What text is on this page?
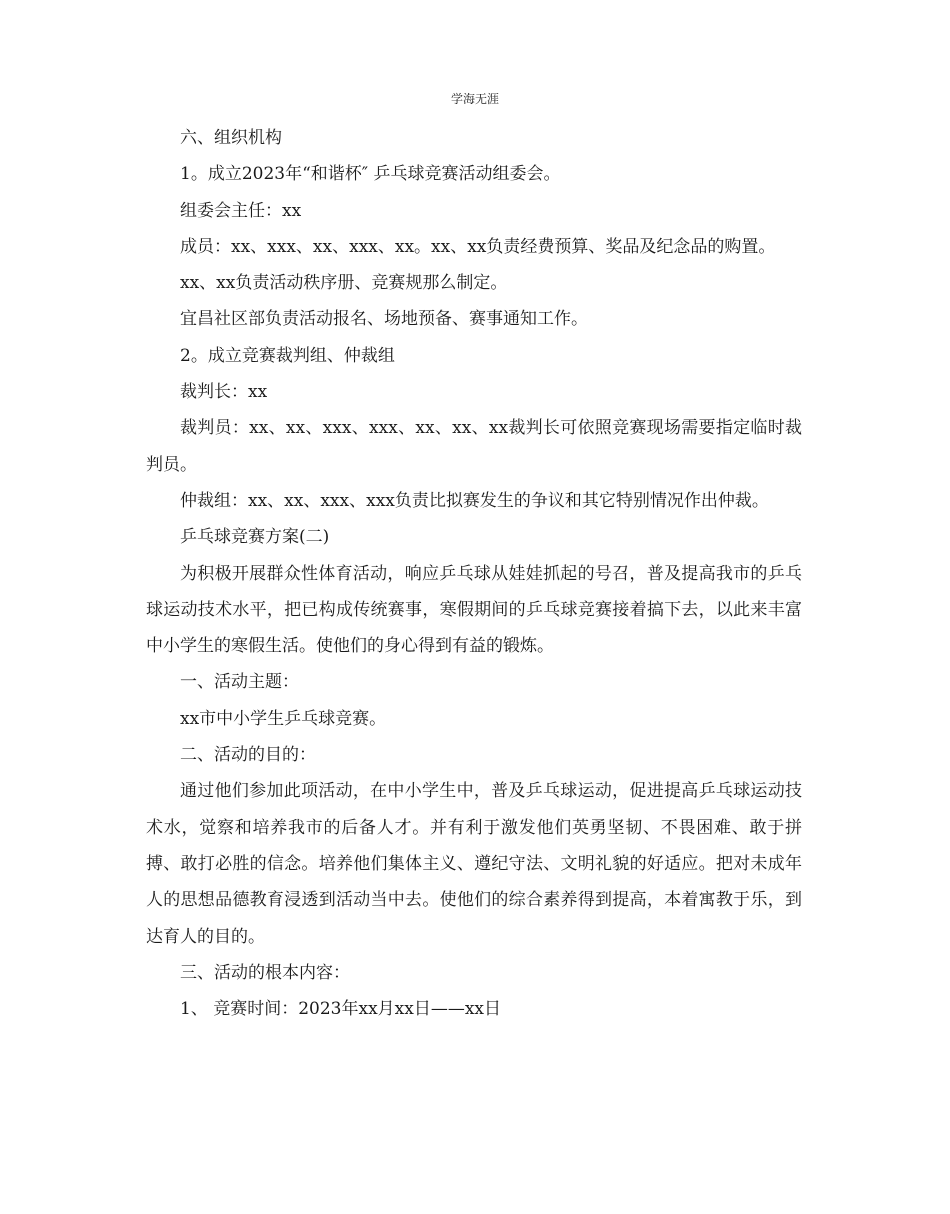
学海无涯

六、组织机构

1。成立2023年“和谐杯″ 乒乓球竞赛活动组委会。

组委会主任：xx

成员：xx、xxx、xx、xxx、xx。xx、xx负责经费预算、奖品及纪念品的购置。

xx、xx负责活动秩序册、竞赛规那么制定。

宜昌社区部负责活动报名、场地预备、赛事通知工作。

2。成立竞赛裁判组、仲裁组

裁判长：xx

裁判员：xx、xx、xxx、xxx、xx、xx、xx裁判长可依照竞赛现场需要指定临时裁判员。

仲裁组：xx、xx、xxx、xxx负责比拟赛发生的争议和其它特别情况作出仲裁。

乒乓球竞赛方案(二)

为积极开展群众性体育活动，响应乒乓球从娃娃抓起的号召，普及提高我市的乒乓球运动技术水平，把已构成传统赛事，寒假期间的乒乓球竞赛接着搞下去，以此来丰富中小学生的寒假生活。使他们的身心得到有益的锻炼。

一、活动主题：

xx市中小学生乒乓球竞赛。

二、活动的目的：

通过他们参加此项活动，在中小学生中，普及乒乓球运动，促进提高乒乓球运动技术水，觉察和培养我市的后备人才。并有利于激发他们英勇坚韧、不畏困难、敢于拼搏、敢打必胜的信念。培养他们集体主义、遵纪守法、文明礼貌的好适应。把对未成年人的思想品德教育浸透到活动当中去。使他们的综合素养得到提高，本着寓教于乐，到达育人的目的。

三、活动的根本内容：

1、 竞赛时间：2023年xx月xx日——xx日
